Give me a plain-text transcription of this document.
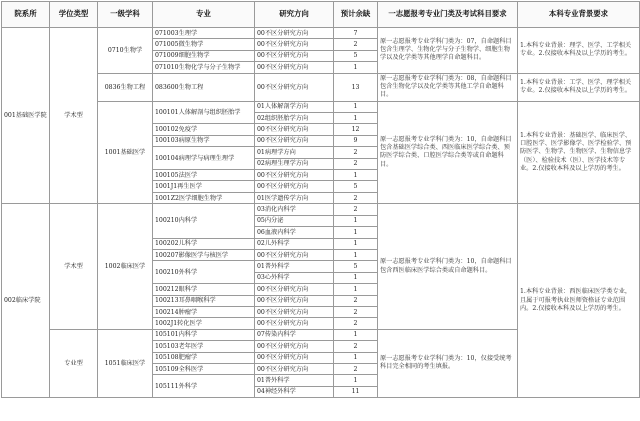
院系所	学位类型	一级学科	专业	研究方向	预计余缺	一志愿报考专业门类及考试科目要求	本科专业背景要求
001基础医学院	学术型	0710生物学	071003生理学	00不区分研究方向	7	原一志愿报考专业学科门类为：07，自命题科目包含生理学、生物化学与分子生物学、细胞生物学以及化学类等其他理学自命题科目。	1.本科专业背景：理学、医学、工学相关专业。2.仅接收本科及以上学历的考生。
			071005微生物学	00不区分研究方向	2		
			071009细胞生物学	00不区分研究方向	5		
			071010生物化学与分子生物学	00不区分研究方向	1		
		0836生物工程	083600生物工程	00不区分研究方向	13	原一志愿报考专业学科门类为：08，自命题科目包含生物化学以及化学类等其他工学自命题科目。	1.本科专业背景：工学、医学、理学相关专业。2.仅接收本科及以上学历的考生。
		1001基础医学	100101人体解剖与组织胚胎学	01人体解剖学方向	1	原一志愿报考专业学科门类为：10，自命题科目包含基础医学综合类、西医临床医学综合类、预防医学综合类、口腔医学综合类等或自命题科目。	1.本科专业背景：基础医学、临床医学、口腔医学、医学影像学、医学检验学、预防医学、生物学、生物医学、生物信息学（医）、检验技术（医）、医学技术等专业。2.仅接收本科及以上学历的考生。
				02组织胚胎学方向	1		
			100102免疫学	00不区分研究方向	12		
			100103病原生物学	00不区分研究方向	9		
			100104病理学与病理生理学	01病理学方向	2		
				02病理生理学方向	2		
			100105法医学	00不区分研究方向	1		
			1001J1再生医学	00不区分研究方向	5		
			1001Z2医学细胞生物学	01医学遗传学方向	2		
002临床学院	学术型	1002临床医学	100210内科学	03消化内科学	2	原一志愿报考专业学科门类为：10，自命题科目包含西医临床医学综合类或自命题科目。	1.本科专业背景：西医临床医学类专业，且属于可报考执业医师资格证专业范围内。2.仅接收本科及以上学历的考生。
				05内分泌	1		
				06血液内科学	1		
			100202儿科学	02儿外科学	1		
			100207影像医学与核医学	00不区分研究方向	1		
			100210外科学	01普外科学	5		
				03心外科学	1		
			100212眼科学	00不区分研究方向	1		
			100213耳鼻咽喉科学	00不区分研究方向	2		
			100214肿瘤学	00不区分研究方向	2		
			1002J1转化医学	00不区分研究方向	2		
	专业型	1051临床医学	105101内科学	07传染内科学	1	原一志愿报考专业学科门类为：10，仅接受统考科目完全相同的考生填报。	
			105103老年医学	00不区分研究方向	2		
			105108肥瘤学	00不区分研究方向	1		
			105109全科医学	00不区分研究方向	2		
			105111外科学	01普外科学	1		
				04神经外科学	11		
